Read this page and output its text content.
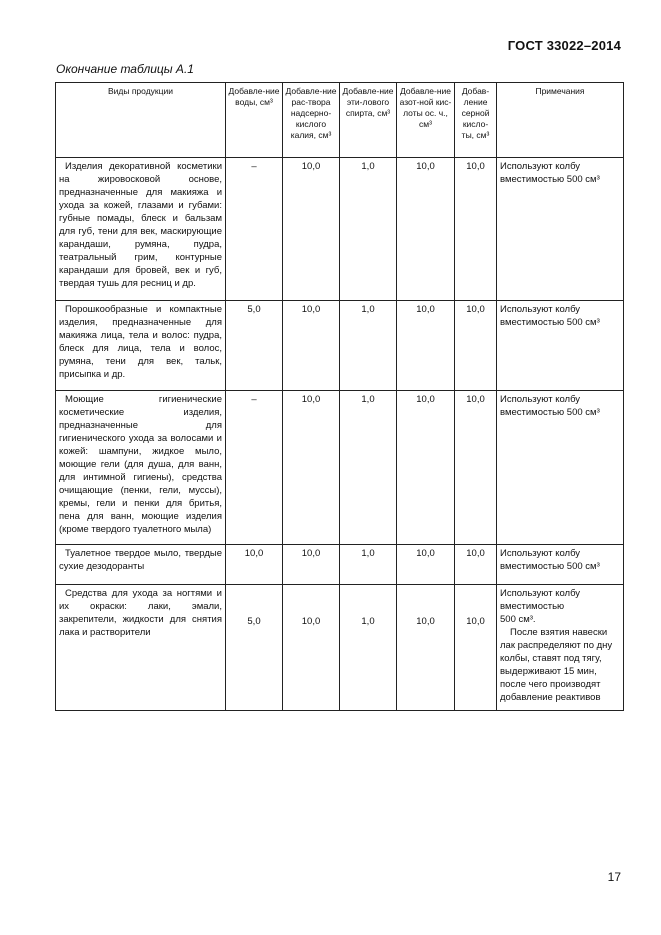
ГОСТ 33022–2014
Окончание таблицы А.1
Виды продукции	Добавле-ние воды, см³	Добавле-ние рас-твора надсерно-кислого калия, см³	Добавле-ние эти-лового спирта, см³	Добавле-ние азот-ной кис-лоты ос. ч., см³	Добав-ление серной кисло-ты, см³	Примечания
Изделия декоративной косметики на жировосковой основе, предназначенные для макияжа и ухода за кожей, глазами и губами: губные помады, блеск и бальзам для губ, тени для век, маскирующие карандаши, румяна, пудра, театральный грим, контурные карандаши для бровей, век и губ, твердая тушь для ресниц и др.	–	10,0	1,0	10,0	10,0	Используют колбу
вместимостью 500 см³

Порошкообразные и компактные изделия, предназначенные для макияжа лица, тела и волос: пудра, блеск для лица, тела и волос, румяна, тени для век, тальк, присыпка и др.	5,0	10,0	1,0	10,0	10,0	Используют колбу
вместимостью 500 см³

Моющие гигиенические косметические изделия, предназначенные для гигиенического ухода за волосами и кожей: шампуни, жидкое мыло, моющие гели (для душа, для ванн, для интимной гигиены), средства очищающие (пенки, гели, муссы), кремы, гели и пенки для бритья, пена для ванн, моющие изделия (кроме твердого туалетного мыла)	–	10,0	1,0	10,0	10,0	Используют колбу
вместимостью 500 см³

Туалетное твердое мыло, твердые сухие дезодоранты	10,0	10,0	1,0	10,0	10,0	Используют колбу
вместимостью 500 см³

Средства для ухода за ногтями и их окраски: лаки, эмали, закрепители, жидкости для снятия лака и растворители	5,0	10,0	1,0	10,0	10,0	Используют колбу
вместимостью
500 см³.
После взятия навески лак распределяют по дну колбы, ставят под тягу, выдерживают 15 мин, после чего производят добавление реактивов
17
